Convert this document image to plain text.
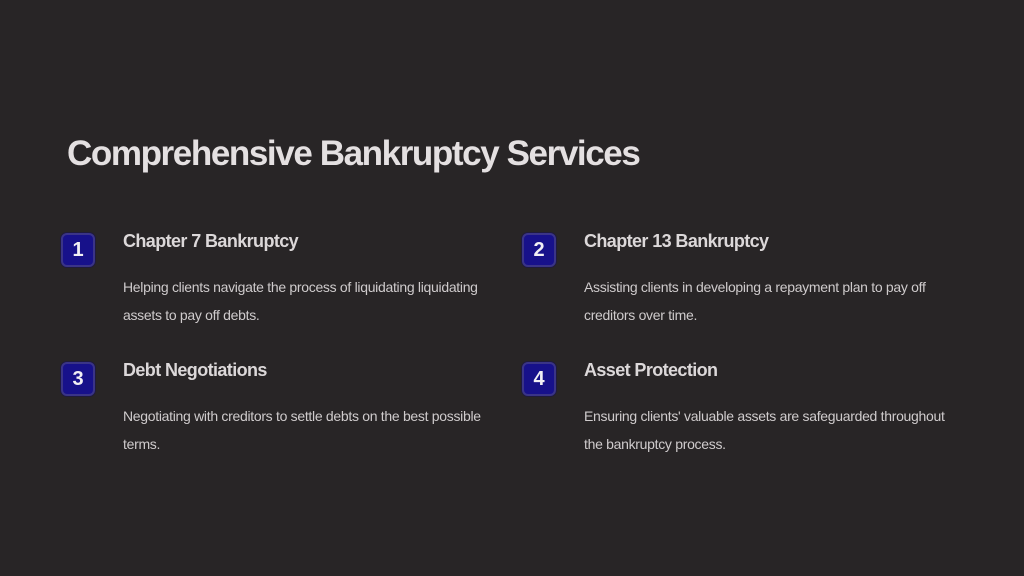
Comprehensive Bankruptcy Services
1	Chapter 7 Bankruptcy

Helping clients navigate the process of liquidating liquidating assets to pay off debts.

2	Chapter 13 Bankruptcy

Assisting clients in developing a repayment plan to pay off creditors over time.

3	Debt Negotiations

Negotiating with creditors to settle debts on the best possible terms.

4	Asset Protection

Ensuring clients' valuable assets are safeguarded throughout the bankruptcy process.
